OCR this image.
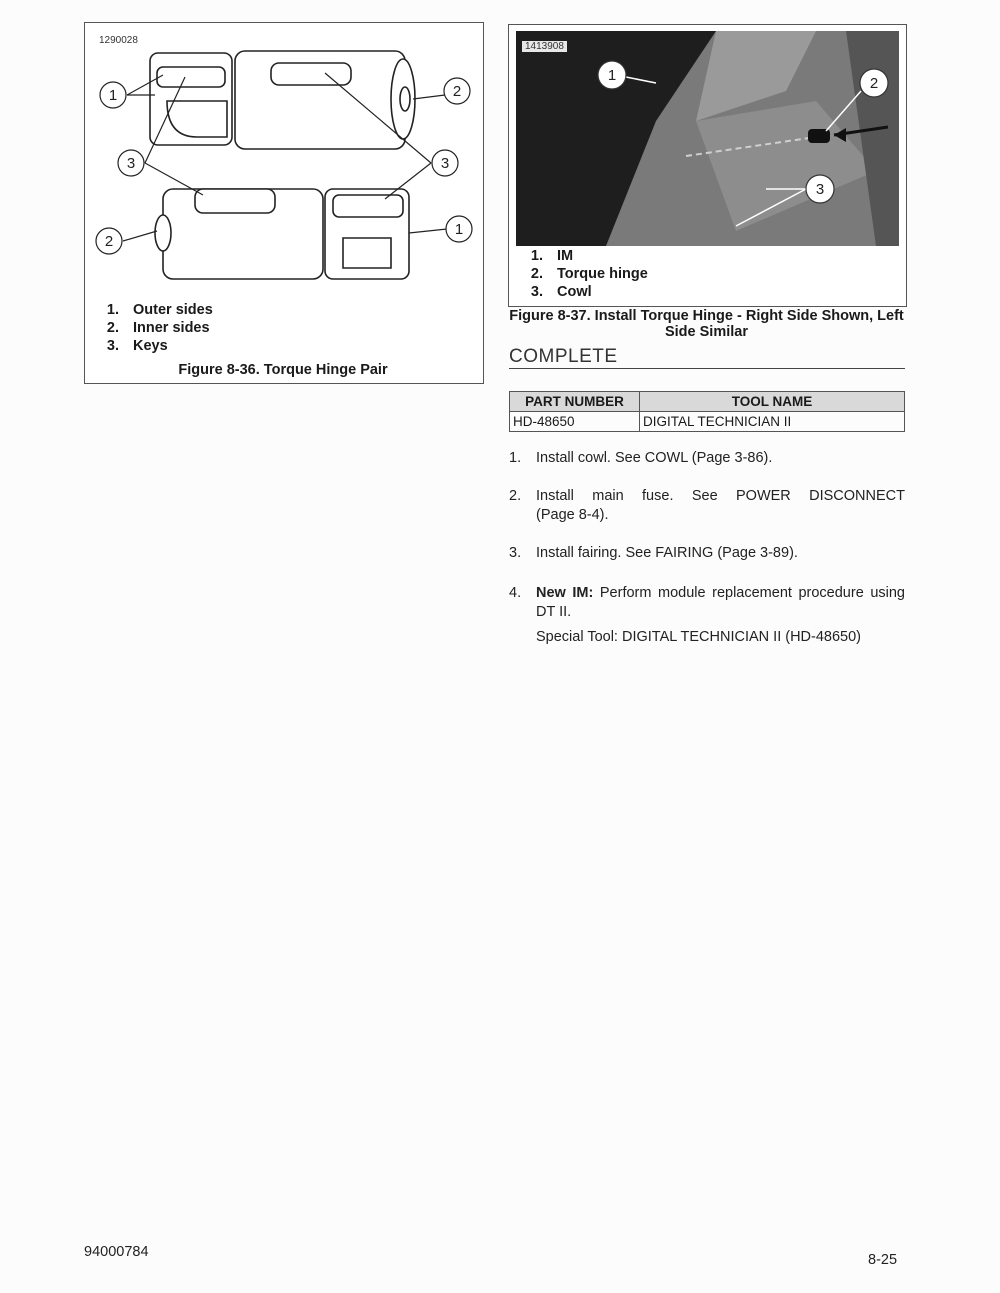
1290028
1	2
3	3
2
1
1. Outer sides
2. Inner sides
3. Keys
Figure 8-36. Torque Hinge Pair
1	2
3
1413908
1. IM
2. Torque hinge
3. Cowl
Figure 8-37. Install Torque Hinge - Right Side Shown, Left
Side Similar
COMPLETE
PART NUMBER	TOOL NAME
HD-48650	DIGITAL TECHNICIAN II
1. Install cowl. See COWL (Page 3-86).
2. Install main fuse. See POWER DISCONNECT
(Page 8-4).
3. Install fairing. See FAIRING (Page 3-89).
4. New IM: Perform module replacement procedure using
DT II.
Special Tool: DIGITAL TECHNICIAN II (HD-48650)
94000784	8-25
